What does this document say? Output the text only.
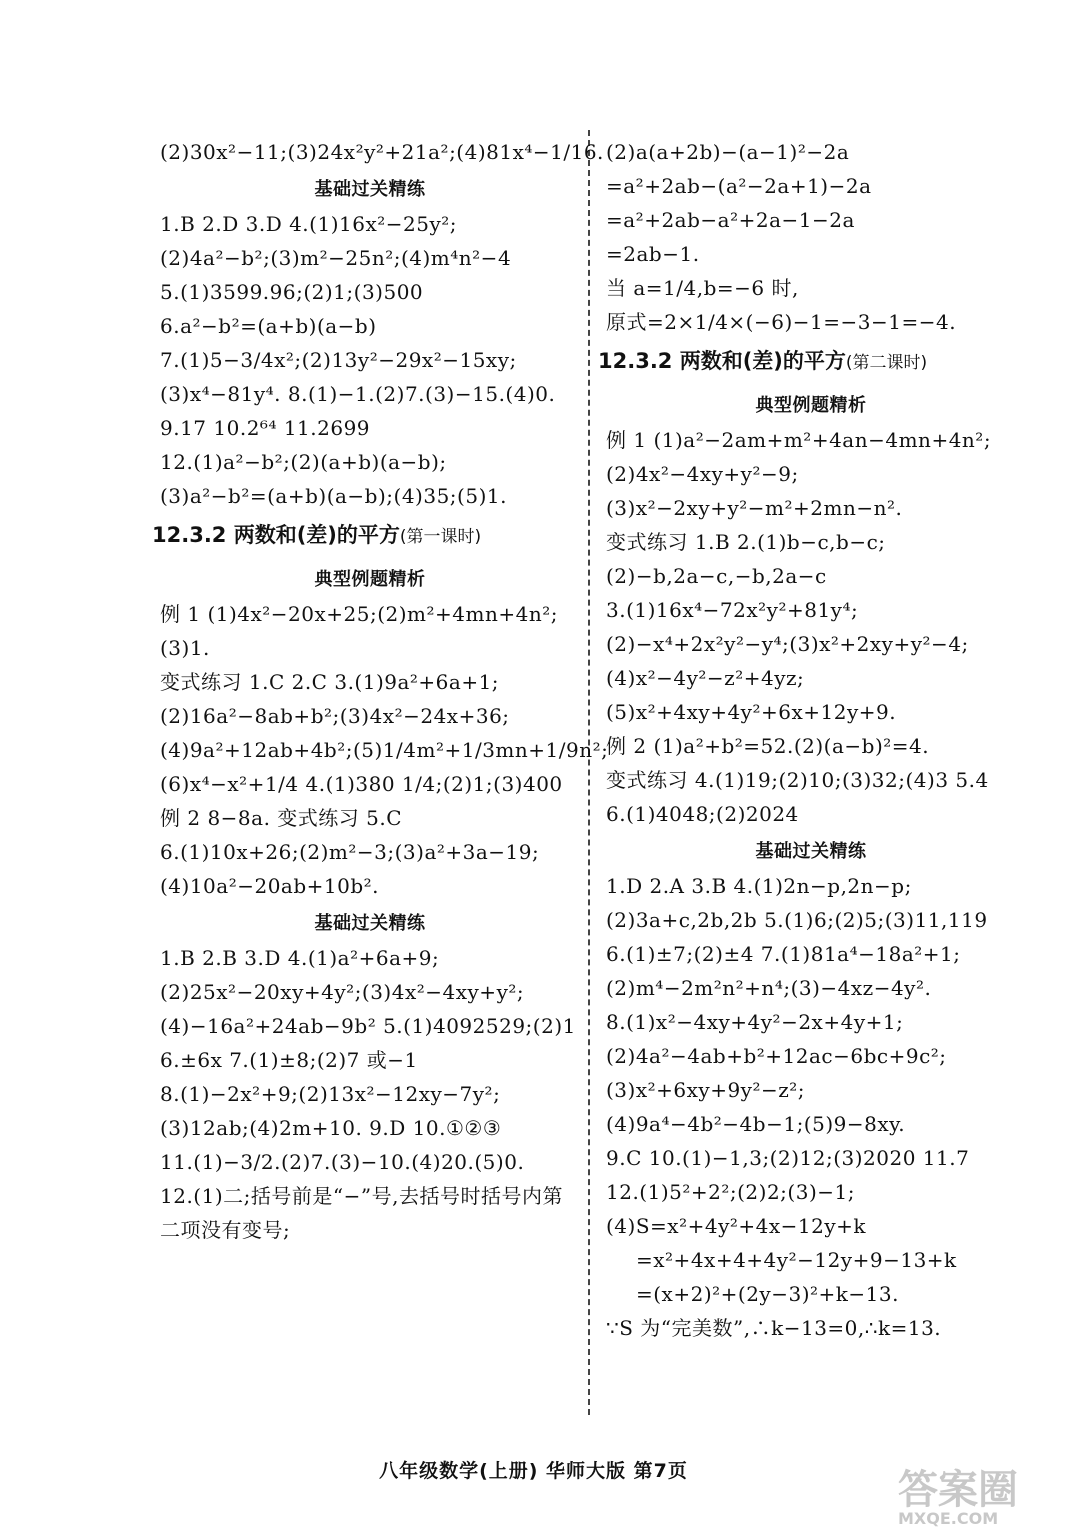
(2)30x²−11;(3)24x²y²+21a²;(4)81x⁴−1/16.
基础过关精练
1.B 2.D 3.D 4.(1)16x²−25y²;
(2)4a²−b²;(3)m²−25n²;(4)m⁴n²−4
5.(1)3599.96;(2)1;(3)500
6.a²−b²=(a+b)(a−b)
7.(1)5−3/4x²;(2)13y²−29x²−15xy;
(3)x⁴−81y⁴. 8.(1)−1.(2)7.(3)−15.(4)0.
9.17 10.2⁶⁴ 11.2699
12.(1)a²−b²;(2)(a+b)(a−b);
(3)a²−b²=(a+b)(a−b);(4)35;(5)1.
12.3.2 两数和(差)的平方(第一课时)
典型例题精析
例 1 (1)4x²−20x+25;(2)m²+4mn+4n²;
(3)1.
变式练习 1.C 2.C 3.(1)9a²+6a+1;
(2)16a²−8ab+b²;(3)4x²−24x+36;
(4)9a²+12ab+4b²;(5)1/4m²+1/3mn+1/9n²;
(6)x⁴−x²+1/4 4.(1)380 1/4;(2)1;(3)400
例 2 8−8a. 变式练习 5.C
6.(1)10x+26;(2)m²−3;(3)a²+3a−19;
(4)10a²−20ab+10b².
基础过关精练
1.B 2.B 3.D 4.(1)a²+6a+9;
(2)25x²−20xy+4y²;(3)4x²−4xy+y²;
(4)−16a²+24ab−9b² 5.(1)4092529;(2)1
6.±6x 7.(1)±8;(2)7 或−1
8.(1)−2x²+9;(2)13x²−12xy−7y²;
(3)12ab;(4)2m+10. 9.D 10.①②③
11.(1)−3/2.(2)7.(3)−10.(4)20.(5)0.
12.(1)二;括号前是“−”号,去括号时括号内第
二项没有变号;
(2)a(a+2b)−(a−1)²−2a
=a²+2ab−(a²−2a+1)−2a
=a²+2ab−a²+2a−1−2a
=2ab−1.
当 a=1/4,b=−6 时,
原式=2×1/4×(−6)−1=−3−1=−4.
12.3.2 两数和(差)的平方(第二课时)
典型例题精析
例 1 (1)a²−2am+m²+4an−4mn+4n²;
(2)4x²−4xy+y²−9;
(3)x²−2xy+y²−m²+2mn−n².
变式练习 1.B 2.(1)b−c,b−c;
(2)−b,2a−c,−b,2a−c
3.(1)16x⁴−72x²y²+81y⁴;
(2)−x⁴+2x²y²−y⁴;(3)x²+2xy+y²−4;
(4)x²−4y²−z²+4yz;
(5)x²+4xy+4y²+6x+12y+9.
例 2 (1)a²+b²=52.(2)(a−b)²=4.
变式练习 4.(1)19;(2)10;(3)32;(4)3 5.4
6.(1)4048;(2)2024
基础过关精练
1.D 2.A 3.B 4.(1)2n−p,2n−p;
(2)3a+c,2b,2b 5.(1)6;(2)5;(3)11,119
6.(1)±7;(2)±4 7.(1)81a⁴−18a²+1;
(2)m⁴−2m²n²+n⁴;(3)−4xz−4y².
8.(1)x²−4xy+4y²−2x+4y+1;
(2)4a²−4ab+b²+12ac−6bc+9c²;
(3)x²+6xy+9y²−z²;
(4)9a⁴−4b²−4b−1;(5)9−8xy.
9.C 10.(1)−1,3;(2)12;(3)2020 11.7
12.(1)5²+2²;(2)2;(3)−1;
(4)S=x²+4y²+4x−12y+k
=x²+4x+4+4y²−12y+9−13+k
=(x+2)²+(2y−3)²+k−13.
∵S 为“完美数”,∴k−13=0,∴k=13.
八年级数学(上册) 华师大版 第7页	答案圈
MXQE.COM
